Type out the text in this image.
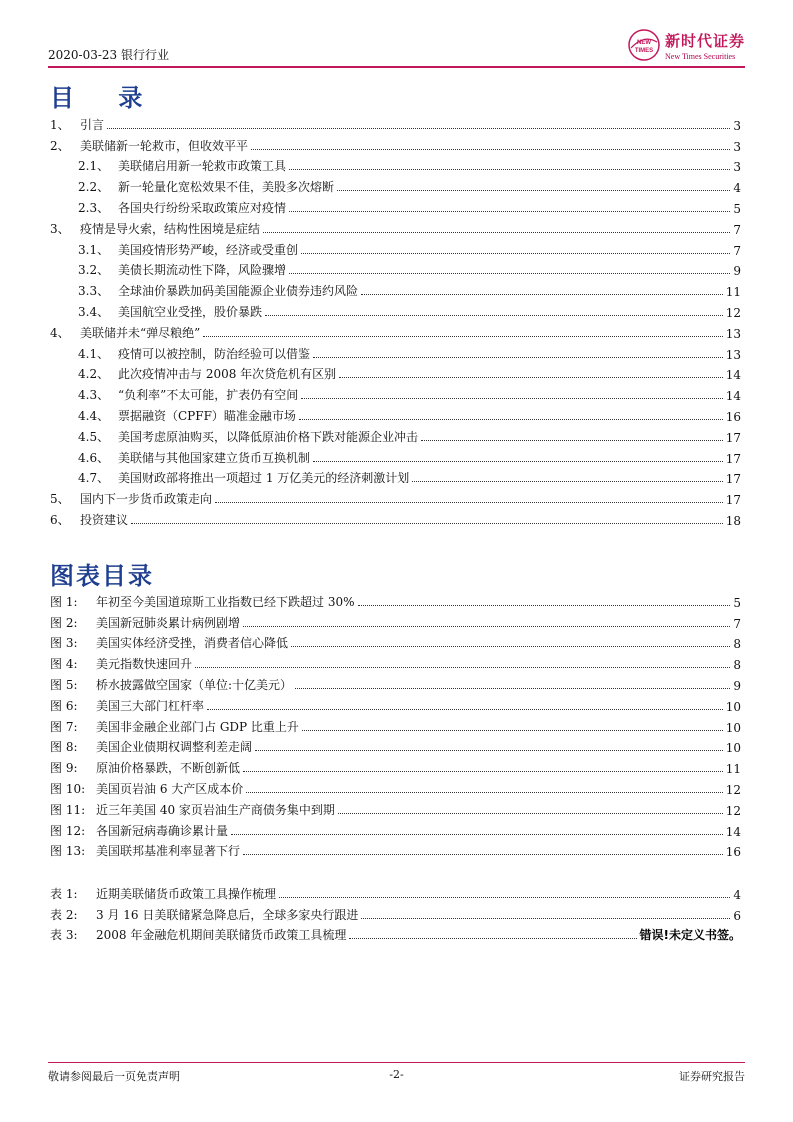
2020-03-23 银行行业
NEW
TIMES
新时代证券
New Times Securities
目 录
1、 引言	3
2、 美联储新一轮救市，但收效平平	3
2.1、 美联储启用新一轮救市政策工具	3
2.2、 新一轮量化宽松效果不佳，美股多次熔断	4
2.3、 各国央行纷纷采取政策应对疫情	5
3、 疫情是导火索，结构性困境是症结	7
3.1、 美国疫情形势严峻，经济或受重创	7
3.2、 美债长期流动性下降，风险骤增	9
3.3、 全球油价暴跌加码美国能源企业债券违约风险	11
3.4、 美国航空业受挫，股价暴跌	12
4、 美联储并未“弹尽粮绝”	13
4.1、 疫情可以被控制，防治经验可以借鉴	13
4.2、 此次疫情冲击与 2008 年次贷危机有区别	14
4.3、 “负利率”不太可能，扩表仍有空间	14
4.4、 票据融资（CPFF）瞄准金融市场	16
4.5、 美国考虑原油购买，以降低原油价格下跌对能源企业冲击	17
4.6、 美联储与其他国家建立货币互换机制	17
4.7、 美国财政部将推出一项超过 1 万亿美元的经济刺激计划	17
5、 国内下一步货币政策走向	17
6、 投资建议	18
图表目录
图 1:	年初至今美国道琼斯工业指数已经下跌超过 30%	5
图 2:	美国新冠肺炎累计病例剧增	7
图 3:	美国实体经济受挫，消费者信心降低	8
图 4:	美元指数快速回升	8
图 5:	桥水披露做空国家（单位:十亿美元）	9
图 6:	美国三大部门杠杆率	10
图 7:	美国非金融企业部门占 GDP 比重上升	10
图 8:	美国企业债期权调整利差走阔	10
图 9:	原油价格暴跌，不断创新低	11
图 10: 美国页岩油 6 大产区成本价	12
图 11: 近三年美国 40 家页岩油生产商债务集中到期	12
图 12: 各国新冠病毒确诊累计量	14
图 13: 美国联邦基准利率显著下行	16
表 1:	近期美联储货币政策工具操作梳理	4
表 2:	3 月 16 日美联储紧急降息后，全球多家央行跟进	6
表 3:	2008 年金融危机期间美联储货币政策工具梳理	错误!未定义书签。
敬请参阅最后一页免责声明	-2-	证券研究报告
